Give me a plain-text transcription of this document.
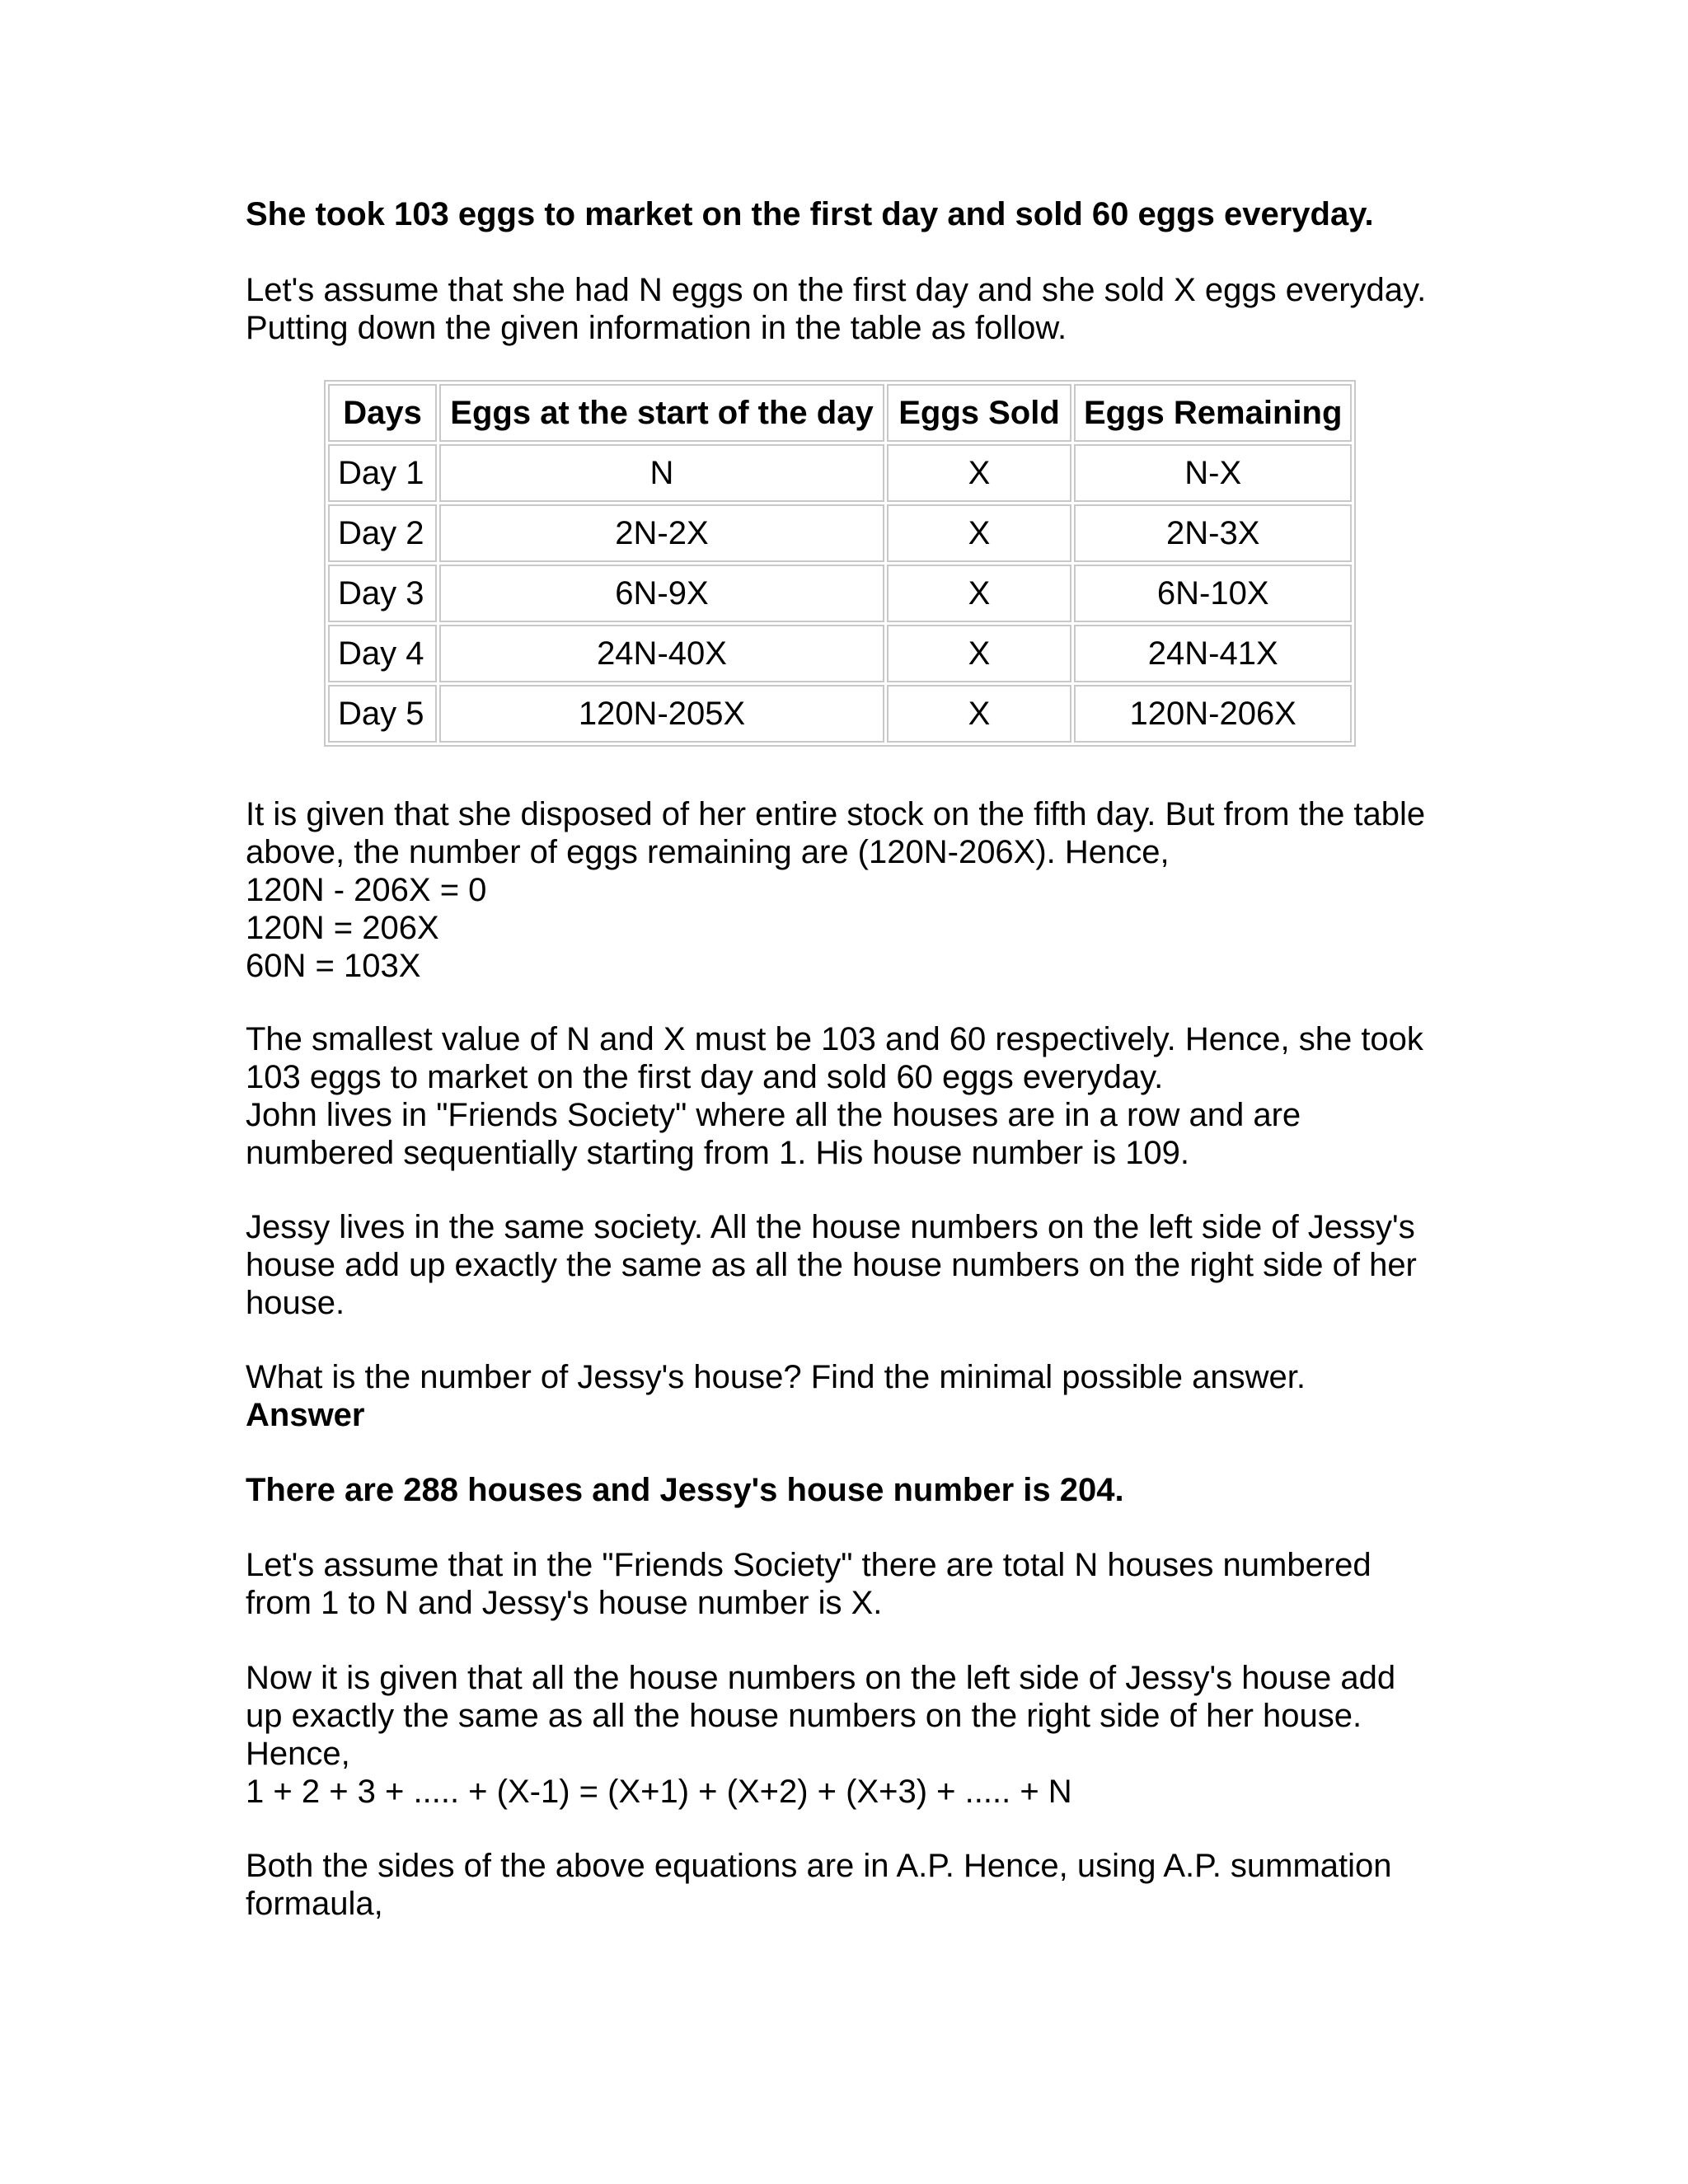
She took 103 eggs to market on the first day and sold 60 eggs everyday.
Let's assume that she had N eggs on the first day and she sold X eggs everyday.
Putting down the given information in the table as follow.
It is given that she disposed of her entire stock on the fifth day. But from the table
above, the number of eggs remaining are (120N-206X). Hence,
120N - 206X = 0
120N = 206X
60N = 103X
The smallest value of N and X must be 103 and 60 respectively. Hence, she took
103 eggs to market on the first day and sold 60 eggs everyday.
John lives in "Friends Society" where all the houses are in a row and are
numbered sequentially starting from 1. His house number is 109.
Jessy lives in the same society. All the house numbers on the left side of Jessy's
house add up exactly the same as all the house numbers on the right side of her
house.
What is the number of Jessy's house? Find the minimal possible answer.
Answer
There are 288 houses and Jessy's house number is 204.
Let's assume that in the "Friends Society" there are total N houses numbered
from 1 to N and Jessy's house number is X.
Now it is given that all the house numbers on the left side of Jessy's house add
up exactly the same as all the house numbers on the right side of her house.
Hence,
1 + 2 + 3 + ..... + (X-1) = (X+1) + (X+2) + (X+3) + ..... + N
Both the sides of the above equations are in A.P. Hence, using A.P. summation
formaula,
Days	Eggs at the start of the day	Eggs Sold	Eggs Remaining
Day 1	N	X	N-X
Day 2	2N-2X	X	2N-3X
Day 3	6N-9X	X	6N-10X
Day 4	24N-40X	X	24N-41X
Day 5	120N-205X	X	120N-206X
